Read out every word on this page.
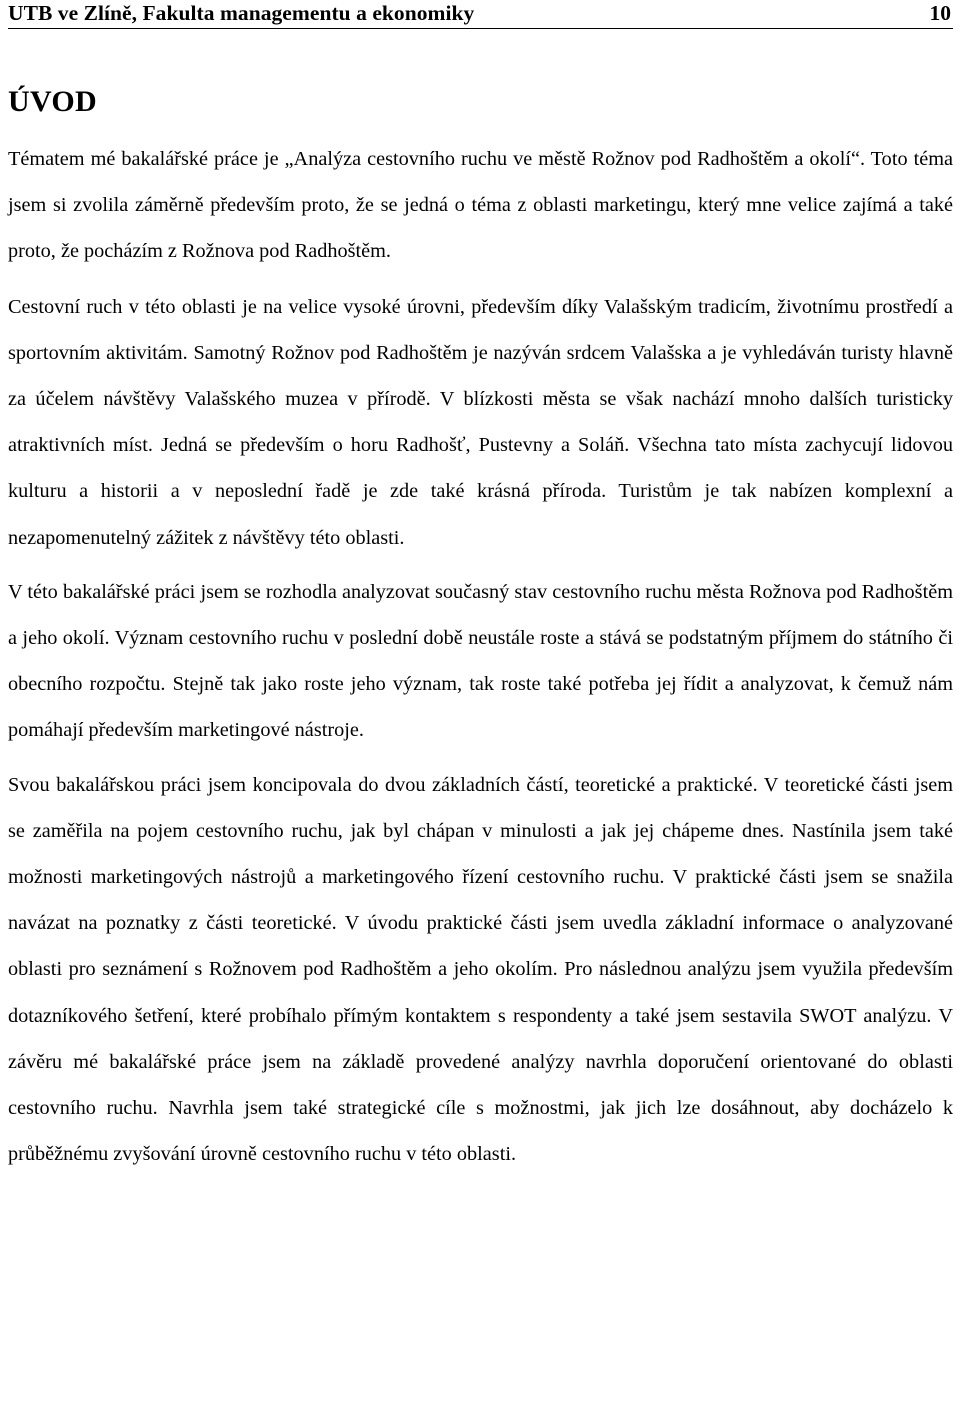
UTB ve Zlíně, Fakulta managementu a ekonomiky	10
ÚVOD

Tématem mé bakalářské práce je „Analýza cestovního ruchu ve městě Rožnov pod Radhoštěm a okolí“. Toto téma jsem si zvolila záměrně především proto, že se jedná o téma z oblasti marketingu, který mne velice zajímá a také proto, že pocházím z Rožnova pod Radhoštěm.

Cestovní ruch v této oblasti je na velice vysoké úrovni, především díky Valašským tradicím, životnímu prostředí a sportovním aktivitám. Samotný Rožnov pod Radhoštěm je nazýván srdcem Valašska a je vyhledáván turisty hlavně za účelem návštěvy Valašského muzea v přírodě. V blízkosti města se však nachází mnoho dalších turisticky atraktivních míst. Jedná se především o horu Radhošť, Pustevny a Soláň. Všechna tato místa zachycují lidovou kulturu a historii a v neposlední řadě je zde také krásná příroda. Turistům je tak nabízen komplexní a nezapomenutelný zážitek z návštěvy této oblasti.

V této bakalářské práci jsem se rozhodla analyzovat současný stav cestovního ruchu města Rožnova pod Radhoštěm a jeho okolí. Význam cestovního ruchu v poslední době neustále roste a stává se podstatným příjmem do státního či obecního rozpočtu. Stejně tak jako roste jeho význam, tak roste také potřeba jej řídit a analyzovat, k čemuž nám pomáhají především marketingové nástroje.

Svou bakalářskou práci jsem koncipovala do dvou základních částí, teoretické a praktické. V teoretické části jsem se zaměřila na pojem cestovního ruchu, jak byl chápan v minulosti a jak jej chápeme dnes. Nastínila jsem také možnosti marketingových nástrojů a marketingového řízení cestovního ruchu. V praktické části jsem se snažila navázat na poznatky z části teoretické. V úvodu praktické části jsem uvedla základní informace o analyzované oblasti pro seznámení s Rožnovem pod Radhoštěm a jeho okolím. Pro následnou analýzu jsem využila především dotazníkového šetření, které probíhalo přímým kontaktem s respondenty a také jsem sestavila SWOT analýzu. V závěru mé bakalářské práce jsem na základě provedené analýzy navrhla doporučení orientované do oblasti cestovního ruchu. Navrhla jsem také strategické cíle s možnostmi, jak jich lze dosáhnout, aby docházelo k průběžnému zvyšování úrovně cestovního ruchu v této oblasti.
